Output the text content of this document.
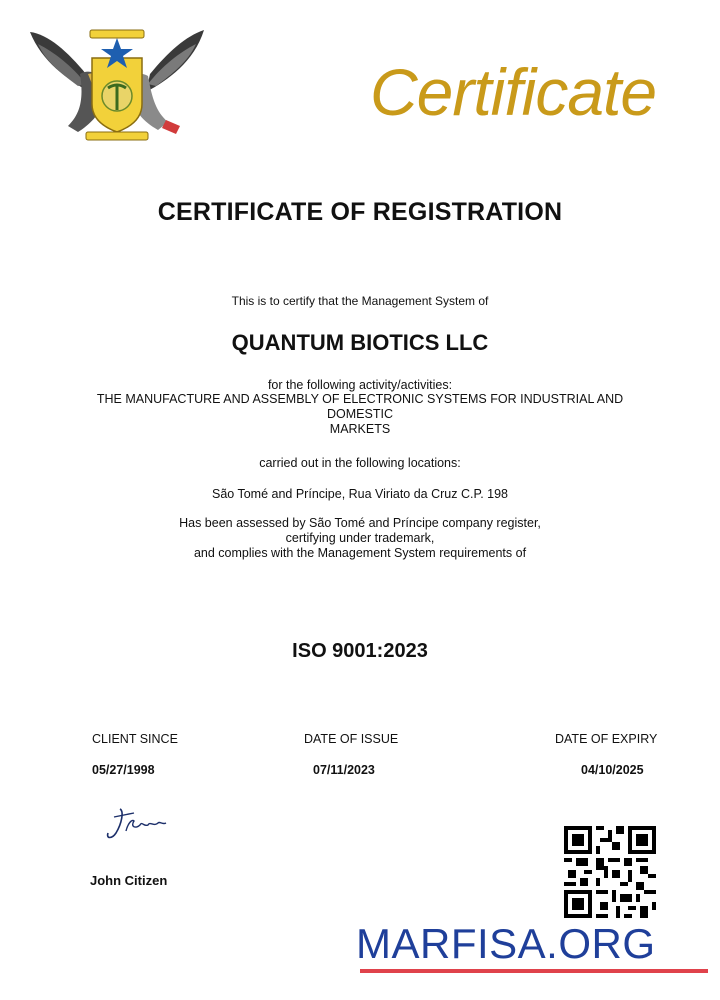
Certificate
CERTIFICATE OF REGISTRATION
This is to certify that the Management System of
QUANTUM BIOTICS LLC
for the following activity/activities:
THE MANUFACTURE AND ASSEMBLY OF ELECTRONIC SYSTEMS FOR INDUSTRIAL AND
DOMESTIC
MARKETS
carried out in the following locations:
São Tomé and Príncipe, Rua Viriato da Cruz C.P. 198
Has been assessed by São Tomé and Príncipe company register,
certifying under trademark,
and complies with the Management System requirements of
ISO 9001:2023
CLIENT SINCE	DATE OF ISSUE	DATE OF EXPIRY
05/27/1998	07/11/2023	04/10/2025
John Citizen
MARFISA.ORG
